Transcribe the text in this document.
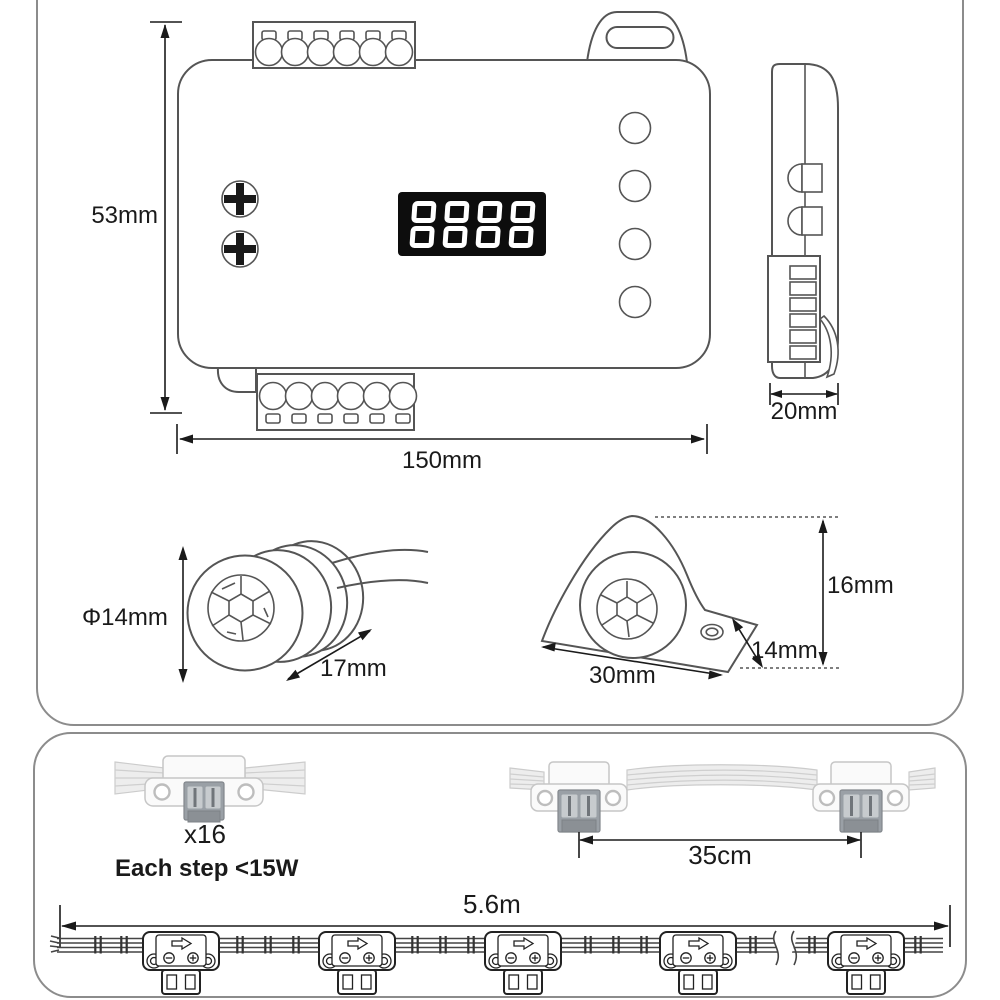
53mm
150mm
20mm
Φ14mm
17mm	30mm
14mm
16mm
x16
Each step <15W	35cm
5.6m
